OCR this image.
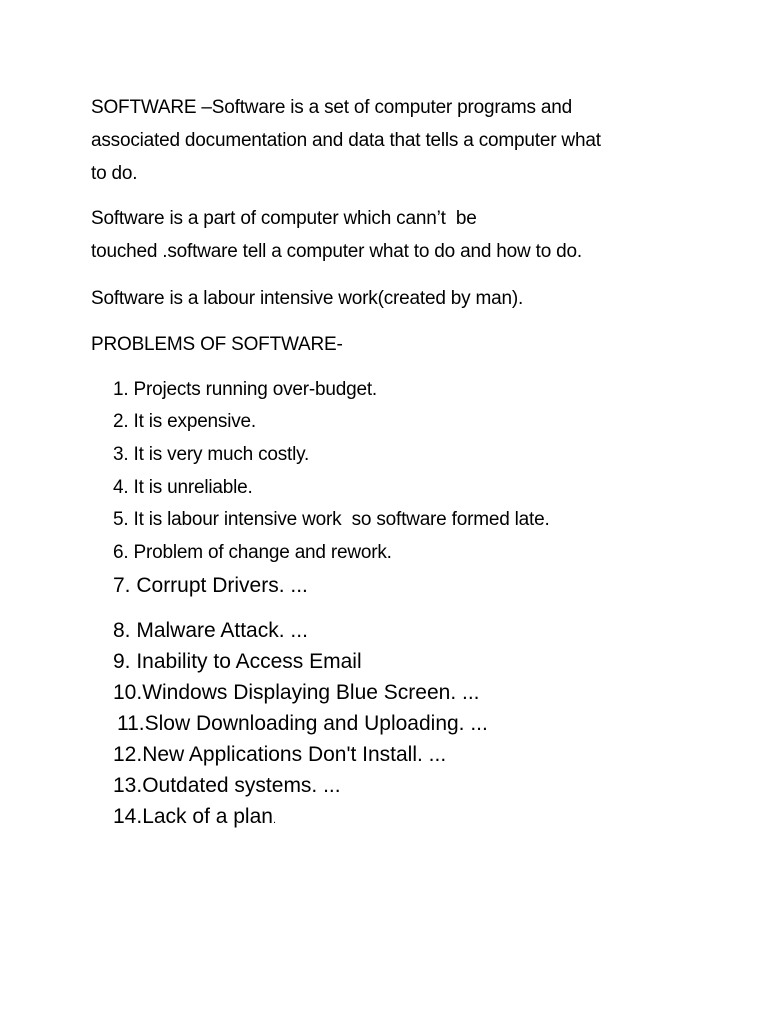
SOFTWARE –Software is a set of computer programs and
associated documentation and data that tells a computer what
to do.
Software is a part of computer which cann’t  be
touched .software tell a computer what to do and how to do.
Software is a labour intensive work(created by man).
PROBLEMS OF SOFTWARE-
1. Projects running over-budget.
2. It is expensive.
3. It is very much costly.
4. It is unreliable.
5. It is labour intensive work  so software formed late.
6. Problem of change and rework.
7. Corrupt Drivers. ...
8. Malware Attack. ...
9. Inability to Access Email
10.Windows Displaying Blue Screen. ...
11.Slow Downloading and Uploading. ...
12.New Applications Don't Install. ...
13.Outdated systems. ...
14.Lack of a plan.
